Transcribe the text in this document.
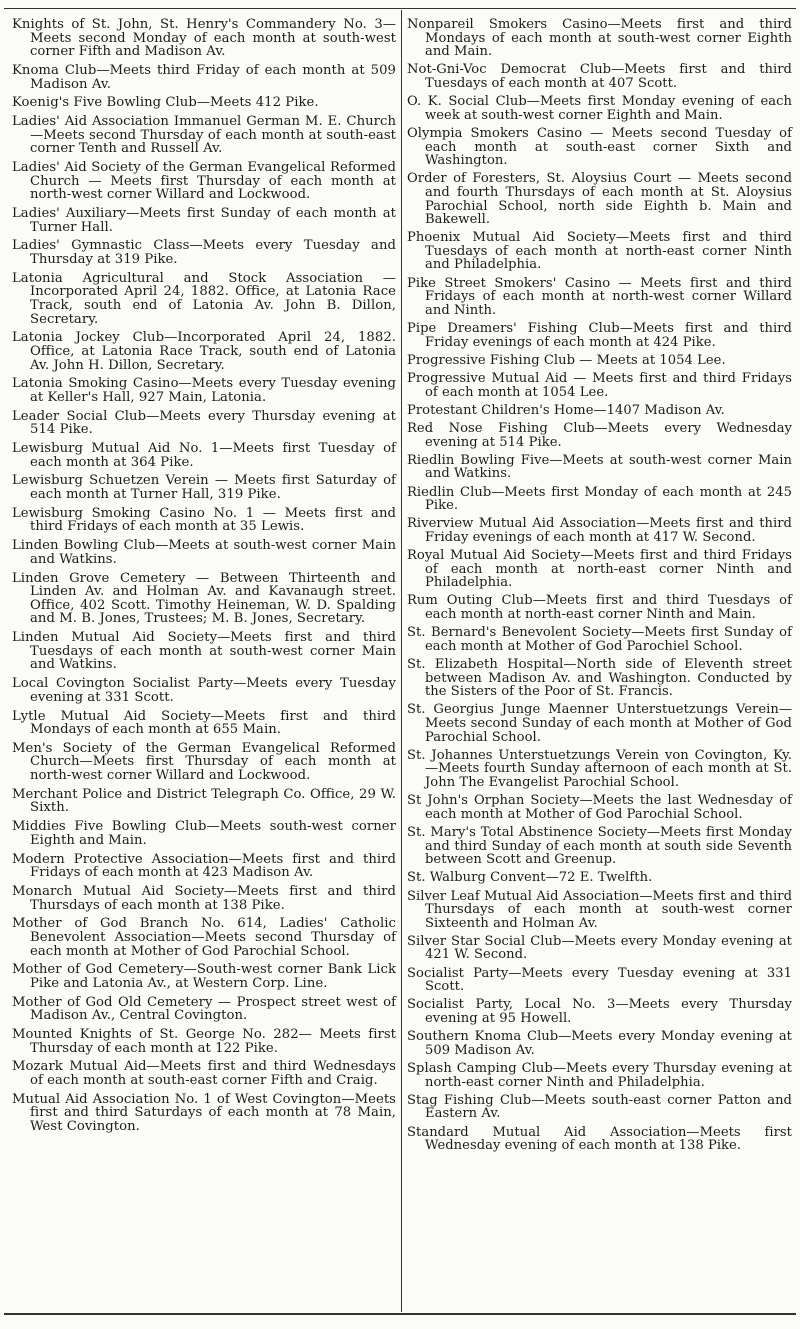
Knights of St. John, St. Henry's Commandery No. 3—Meets second Monday of each month at south-west corner Fifth and Madison Av.
Knoma Club—Meets third Friday of each month at 509 Madison Av.
Koenig's Five Bowling Club—Meets 412 Pike.
Ladies' Aid Association Immanuel German M. E. Church—Meets second Thursday of each month at south-east corner Tenth and Russell Av.
Ladies' Aid Society of the German Evangelical Reformed Church — Meets first Thursday of each month at north-west corner Willard and Lockwood.
Ladies' Auxiliary—Meets first Sunday of each month at Turner Hall.
Ladies' Gymnastic Class—Meets every Tuesday and Thursday at 319 Pike.
Latonia Agricultural and Stock Association —Incorporated April 24, 1882. Office, at Latonia Race Track, south end of Latonia Av. John B. Dillon, Secretary.
Latonia Jockey Club—Incorporated April 24, 1882. Office, at Latonia Race Track, south end of Latonia Av. John H. Dillon, Secretary.
Latonia Smoking Casino—Meets every Tuesday evening at Keller's Hall, 927 Main, Latonia.
Leader Social Club—Meets every Thursday evening at 514 Pike.
Lewisburg Mutual Aid No. 1—Meets first Tuesday of each month at 364 Pike.
Lewisburg Schuetzen Verein — Meets first Saturday of each month at Turner Hall, 319 Pike.
Lewisburg Smoking Casino No. 1 — Meets first and third Fridays of each month at 35 Lewis.
Linden Bowling Club—Meets at south-west corner Main and Watkins.
Linden Grove Cemetery — Between Thirteenth and Linden Av. and Holman Av. and Kavanaugh street. Office, 402 Scott. Timothy Heineman, W. D. Spalding and M. B. Jones, Trustees; M. B. Jones, Secretary.
Linden Mutual Aid Society—Meets first and third Tuesdays of each month at south-west corner Main and Watkins.
Local Covington Socialist Party—Meets every Tuesday evening at 331 Scott.
Lytle Mutual Aid Society—Meets first and third Mondays of each month at 655 Main.
Men's Society of the German Evangelical Reformed Church—Meets first Thursday of each month at north-west corner Willard and Lockwood.
Merchant Police and District Telegraph Co. Office, 29 W. Sixth.
Middies Five Bowling Club—Meets south-west corner Eighth and Main.
Modern Protective Association—Meets first and third Fridays of each month at 423 Madison Av.
Monarch Mutual Aid Society—Meets first and third Thursdays of each month at 138 Pike.
Mother of God Branch No. 614, Ladies' Catholic Benevolent Association—Meets second Thursday of each month at Mother of God Parochial School.
Mother of God Cemetery—South-west corner Bank Lick Pike and Latonia Av., at Western Corp. Line.
Mother of God Old Cemetery — Prospect street west of Madison Av., Central Covington.
Mounted Knights of St. George No. 282— Meets first Thursday of each month at 122 Pike.
Mozark Mutual Aid—Meets first and third Wednesdays of each month at south-east corner Fifth and Craig.
Mutual Aid Association No. 1 of West Covington—Meets first and third Saturdays of each month at 78 Main, West Covington.
Nonpareil Smokers Casino—Meets first and third Mondays of each month at south-west corner Eighth and Main.
Not-Gni-Voc Democrat Club—Meets first and third Tuesdays of each month at 407 Scott.
O. K. Social Club—Meets first Monday evening of each week at south-west corner Eighth and Main.
Olympia Smokers Casino — Meets second Tuesday of each month at south-east corner Sixth and Washington.
Order of Foresters, St. Aloysius Court — Meets second and fourth Thursdays of each month at St. Aloysius Parochial School, north side Eighth b. Main and Bakewell.
Phoenix Mutual Aid Society—Meets first and third Tuesdays of each month at north-east corner Ninth and Philadelphia.
Pike Street Smokers' Casino — Meets first and third Fridays of each month at north-west corner Willard and Ninth.
Pipe Dreamers' Fishing Club—Meets first and third Friday evenings of each month at 424 Pike.
Progressive Fishing Club — Meets at 1054 Lee.
Progressive Mutual Aid — Meets first and third Fridays of each month at 1054 Lee.
Protestant Children's Home—1407 Madison Av.
Red Nose Fishing Club—Meets every Wednesday evening at 514 Pike.
Riedlin Bowling Five—Meets at south-west corner Main and Watkins.
Riedlin Club—Meets first Monday of each month at 245 Pike.
Riverview Mutual Aid Association—Meets first and third Friday evenings of each month at 417 W. Second.
Royal Mutual Aid Society—Meets first and third Fridays of each month at north-east corner Ninth and Philadelphia.
Rum Outing Club—Meets first and third Tuesdays of each month at north-east corner Ninth and Main.
St. Bernard's Benevolent Society—Meets first Sunday of each month at Mother of God Parochiel School.
St. Elizabeth Hospital—North side of Eleventh street between Madison Av. and Washington. Conducted by the Sisters of the Poor of St. Francis.
St. Georgius Junge Maenner Unterstuetzungs Verein—Meets second Sunday of each month at Mother of God Parochial School.
St. Johannes Unterstuetzungs Verein von Covington, Ky.—Meets fourth Sunday afternoon of each month at St. John The Evangelist Parochial School.
St John's Orphan Society—Meets the last Wednesday of each month at Mother of God Parochial School.
St. Mary's Total Abstinence Society—Meets first Monday and third Sunday of each month at south side Seventh between Scott and Greenup.
St. Walburg Convent—72 E. Twelfth.
Silver Leaf Mutual Aid Association—Meets first and third Thursdays of each month at south-west corner Sixteenth and Holman Av.
Silver Star Social Club—Meets every Monday evening at 421 W. Second.
Socialist Party—Meets every Tuesday evening at 331 Scott.
Socialist Party, Local No. 3—Meets every Thursday evening at 95 Howell.
Southern Knoma Club—Meets every Monday evening at 509 Madison Av.
Splash Camping Club—Meets every Thursday evening at north-east corner Ninth and Philadelphia.
Stag Fishing Club—Meets south-east corner Patton and Eastern Av.
Standard Mutual Aid Association—Meets first Wednesday evening of each month at 138 Pike.
